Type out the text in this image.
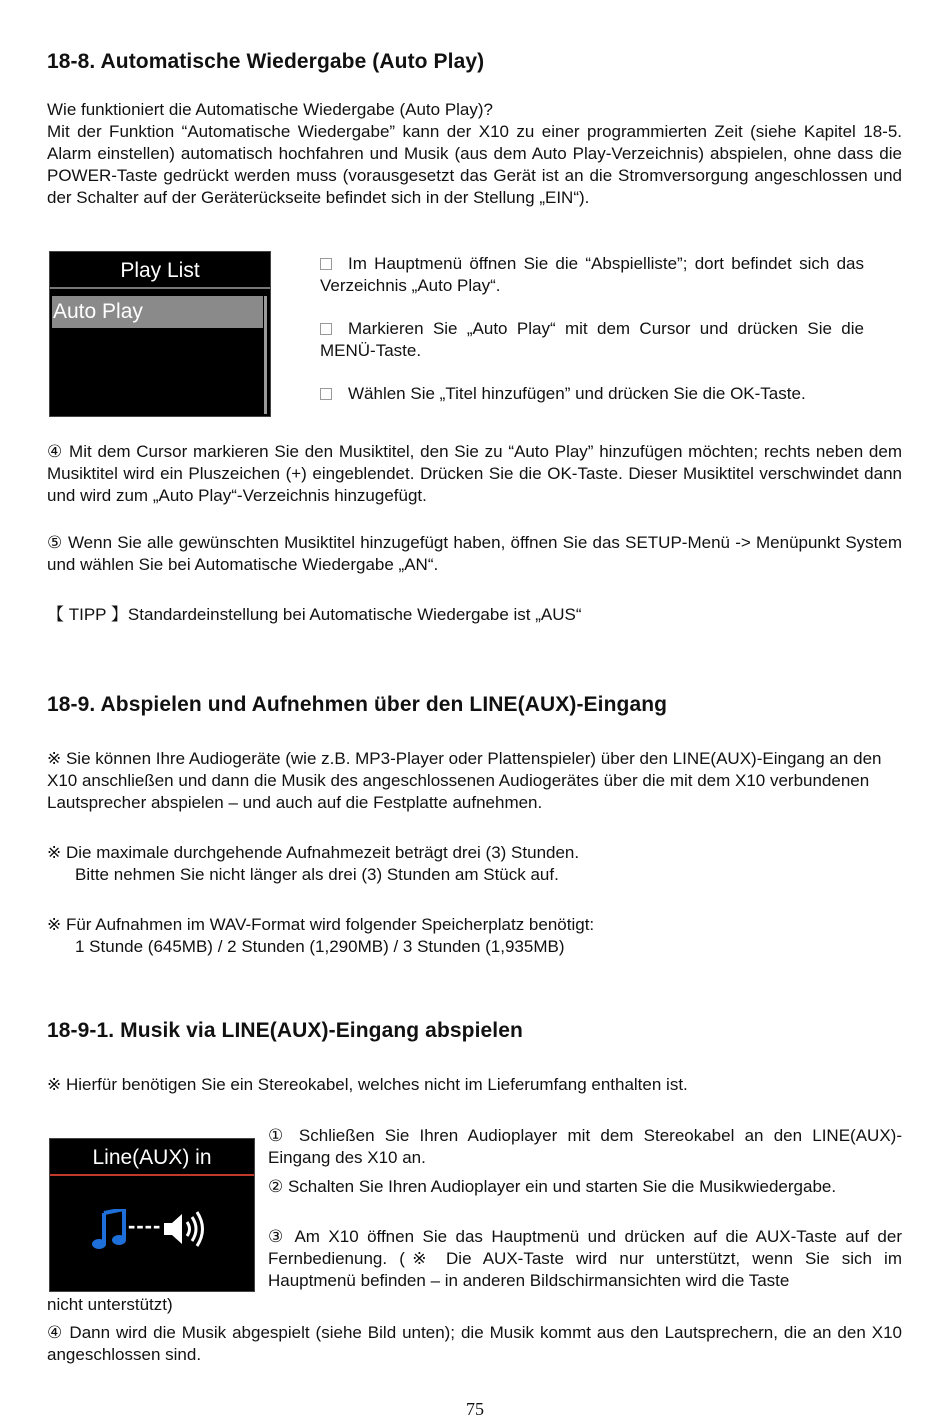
18-8. Automatische Wiedergabe (Auto Play)

Wie funktioniert die Automatische Wiedergabe (Auto Play)?

Mit der Funktion “Automatische Wiedergabe” kann der X10 zu einer programmierten Zeit (siehe Kapitel 18-5. Alarm einstellen) automatisch hochfahren und Musik (aus dem Auto Play-Verzeichnis) abspielen, ohne dass die POWER-Taste gedrückt werden muss (vorausgesetzt das Gerät ist an die Stromversorgung angeschlossen und der Schalter auf der Geräterückseite befindet sich in der Stellung „EIN“).

Play List
Auto Play

Im Hauptmenü öffnen Sie die “Abspielliste”; dort befindet sich das Verzeichnis „Auto Play“.

Markieren Sie „Auto Play“ mit dem Cursor und drücken Sie die MENÜ-Taste.

Wählen Sie „Titel hinzufügen” und drücken Sie die OK-Taste.

④ Mit dem Cursor markieren Sie den Musiktitel, den Sie zu “Auto Play” hinzufügen möchten; rechts neben dem Musiktitel wird ein Pluszeichen (+) eingeblendet. Drücken Sie die OK-Taste. Dieser Musiktitel verschwindet dann und wird zum „Auto Play“-Verzeichnis hinzugefügt.

⑤ Wenn Sie alle gewünschten Musiktitel hinzugefügt haben, öffnen Sie das SETUP-Menü -> Menüpunkt System und wählen Sie bei Automatische Wiedergabe „AN“.

【 TIPP 】Standardeinstellung bei Automatische Wiedergabe ist „AUS“

18-9. Abspielen und Aufnehmen über den LINE(AUX)-Eingang

※ Sie können Ihre Audiogeräte (wie z.B. MP3-Player oder Plattenspieler) über den LINE(AUX)-Eingang an den X10 anschließen und dann die Musik des angeschlossenen Audiogerätes über die mit dem X10 verbundenen Lautsprecher abspielen – und auch auf die Festplatte aufnehmen.

※ Die maximale durchgehende Aufnahmezeit beträgt drei (3) Stunden.

Bitte nehmen Sie nicht länger als drei (3) Stunden am Stück auf.

※ Für Aufnahmen im WAV-Format wird folgender Speicherplatz benötigt:

1 Stunde (645MB) / 2 Stunden (1,290MB) / 3 Stunden (1,935MB)

18-9-1. Musik via LINE(AUX)-Eingang abspielen

※ Hierfür benötigen Sie ein Stereokabel, welches nicht im Lieferumfang enthalten ist.

Line(AUX) in
----

① Schließen Sie Ihren Audioplayer mit dem Stereokabel an den LINE(AUX)-Eingang des X10 an.

② Schalten Sie Ihren Audioplayer ein und starten Sie die Musikwiedergabe.

③ Am X10 öffnen Sie das Hauptmenü und drücken auf die AUX-Taste auf der Fernbedienung. (※ Die AUX-Taste wird nur unterstützt, wenn Sie sich im Hauptmenü befinden – in anderen Bildschirmansichten wird die Taste

nicht unterstützt)

④ Dann wird die Musik abgespielt (siehe Bild unten); die Musik kommt aus den Lautsprechern, die an den X10 angeschlossen sind.

75
